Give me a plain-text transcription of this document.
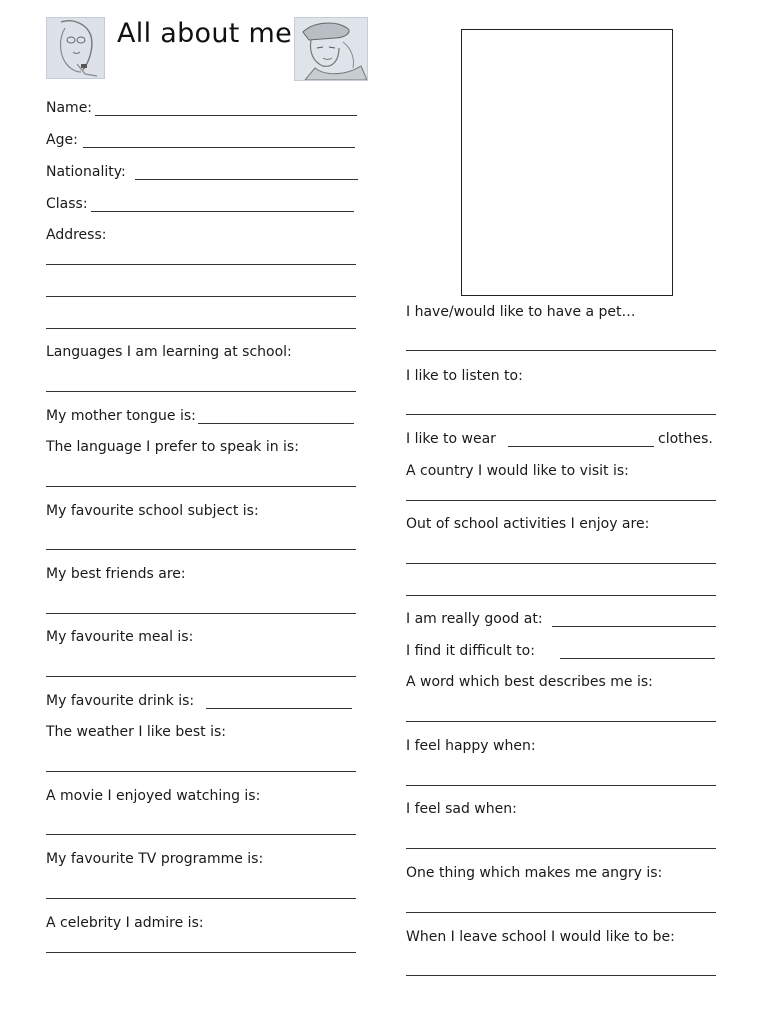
All about me
Name:
Age:
Nationality:
Class:
Address:
Languages I am learning at school:
My mother tongue is:
The language I prefer to speak in is:
My favourite school subject is:
My best friends are:
My favourite meal is:
My favourite drink is:
The weather I like best is:
A movie I enjoyed watching is:
My favourite TV programme is:
A celebrity I admire is:
I have/would like to have a pet…
I like to listen to:
I like to wear	clothes.
A country I would like to visit is:
Out of school activities I enjoy are:
I am really good at:
I find it difficult to:
A word which best describes me is:
I feel happy when:
I feel sad when:
One thing which makes me angry is:
When I leave school I would like to be:
